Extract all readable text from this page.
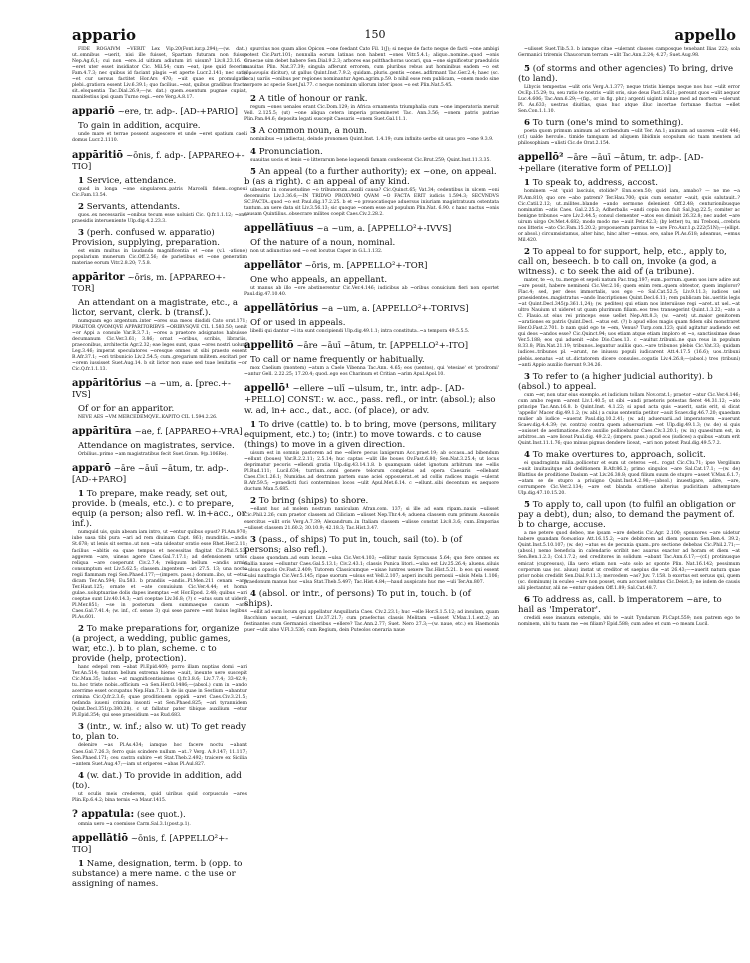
appario	150	appello
FIDE ROGAIVM ~VERIT Lex Vip.20(Font.iur.p.294);—(w. dat.) ut..omnibus ~uerit, nisi ille fuisset, Spartam futuram non fuisse Nep.Ag.6,1; cui non ~ere..id uitium adiutum iri uisum? Liv.8.23.16. c ~eret uter esset insidiator Cic. Mil.54; cum ~eat, ipse quid fecerim Fam.4.7.3; nec quibus id faciant plagis ~et aperte Lucr.2.141; nec satis ~et cur uersus factitet Hor.Ars 470; ~uit quae ex promulgatis plebi..gratiora essent Liv.6.39.1; quo facilius..~eat, quibus gradibus fracta sit..eloquentia Tac.Dial.26.9;—(w. dat.) quem..euentum pugnae cupiat, manifestius ipsi quam Turno regi..~ere Verg.A.8.17.
appariō ~ere, tr. adp-. [AD-+PARIO]
To gain in addition, acquire.
unde mare et terrae possent augescere et unde ~eret spatium caeli domus Lucr.2.1110.
appāritiō ~ōnis, f. adp-. [APPAREO+-TIO]
1 Service, attendance.
quod in longa ~one singularem..patris Marcelli fidem..cognoui Cic.Fam.13.54.
2 Servants, attendants.
quos..ex necessariis ~onibus tecum esse uoluisti Cic. Q.fr.1.1.12; ~one praesidis interueniente Ulp.dig.4.2.23.3.
3 (perh. confused w. apparatio) Provision, supplying, preparation.
est enim multus in laudanda magnificentia et ~one (v.l. -atione) popularium munerum Cic.Off.2.56; de parietibus et ~one generatim materiae eorum Vitr.2.8.20; 7.5.8.
appāritor ~ōris, m. [APPAREO+-TOR]
An attendant on a magistrate, etc., a lictor, servant, clerk. b (transf.).
numquam ego argentum..inter ~ores sua meos disdidi Cato orat.171; PRAETOR QVOMQVE APPARITORIBVS ~ORIBVSQVE CIL 1.583.50; uenit ~or Appi a consule Var.R.3.7.1; ~ores a praetore adsignatos habuisse decumanum Cic.Ver.3.61; 3.86; ornat ~oribus, scribis, librariis, praeconibus, architectis Agr.2.32; eae leges sunt, quas ~ores nostri uolunt Leg.3.46; imperat speculatores ~oresque omnes ut sibi praesto essent B.Afr.37.1; ~ori tribunicio Liv.2.54.5; cum..gregarium militem..excitari per ~orem iussisset Suet.Aug.14. b sit lictor non suae sed tuae lenitatis ~or Cic.Q.fr.1.1.13.
appāritōrius ~a ~um, a. [prec.+-IVS]
Of or for an apparitor.
NEVE AES ~VM MERCEDEMQVE..KAPITO CIL 1.594.2.26.
appāritūra ~ae, f. [APPAREO+-VRA]
Attendance on magistrates, service.
Orbilius..primo ~am magistratibus fecit Suet.Gram. 9(p.106Re).
apparō ~āre ~āuī ~ātum, tr. adp-. [AD-+PARO]
1 To prepare, make ready, set out, provide. b (meals, etc.). c to prepare, equip (a person; also refl. w. in+acc., or inf.).
numquid uis, quin abeam iam intro, ut ~entur quibus opust? Pl.Am.970; iube uasa tibi pura ~ari ad rem diuinam Capt. 861; munditiis..~andis St.678; ut lenis sit sermo..ut non ~ata uideatur oratio esse Rhet.Her.2.11; facilius ~abitis ea quae tempus et necessitas flagitat Cic.Phil.5.53; aggerem ~are, uineas agere Caes.Gal.7.17.1; ad defensionem urbis reliqua ~are coeperunt Civ.2.7.4; reliquum bellum ~andis armis consumptum est Liv.5.62.5; classem..ingentem ~ari 27.5. 13; una nocte regii flammam regi Sen.Phaed.177;—(impers. pass.) domum..ibo, ut ~etur dicam Ter.An.594; Eu.583. b prandiis ~andis..Pl.Men.211 cenam ~are Ter.Haut.125; ornate et ~ate conuiuium Cic.Ver.4.44; et homa gulae..uoluptuariae dolis dapes inemptas ~et Hor.Epod. 2.48; quibus ~ari coeptae sunt Liv.40.14.3; ~ari coeptae Liv.36.8; (?) c ~atus sum ut uiderit Pl.Mer.851; ~se in posterum diem summaeque casum ~are Caes.Gal.7.41.4; (w. inf., cf. sense 3) qui sese parere ~ent huius legibus Pl.As.601.
2 To make preparations for, organize (a project, a wedding, public games, war, etc.). b to plan, scheme. c to provide (help, protection).
hanc edepol rem ~abat Pl.Epid.409; porro illam nuptias domi ~ari Ter.An.514; tantum bellum extrema hieme ~auit, ineunte uere suscepit Cic.Man.35; ludos ~at magnificentissimos Q.fr.3.8.6; Liv.7.7.4; 33-42.9; tu..hoc triste nobis..officium ~a Sen.Her.O.1486;—(absol.) cum in ~ando acerrime esset occupatus Nep.Han.7.1. b de iis quae in Sestium ~abantur crimina Cic.Q.fr.2.3.6; quae proditionem oppidi ~aret Caes.Civ.3.21.5; nefanda iuueni crimina insonti ~at Sen.Phaed.825; ~ari tyrannidem Quint.Decl.351(p.380.28). c ut fallatur pater tibique auxilium ~etur Pl.Epid.354; qui sese praesidium ~as Rud.683.
3 (intr., w. inf.; also w. ut) To get ready to, plan to.
delenire ~as Pl.As.434; iamque hoc facere noctu ~abant Caes.Gal.7.26.3; ferro quis scindere nullum ~at..? Verg. A.9.147; 11.117; Sen.Phaed.171; ceu castra subire ~et Stat.Theb.2.492; traicere ex Sicilia ~antem Suet.Aug.47;—iam ut eriperes ~abas Pl.Aul.827.
4 (w. dat.) To provide in addition, add (to).
ut oculis meis crederem, quid uiribus quid corpusculo ~ares Plin.Ep.6.4.2; bina ternis ~a Maur.1415.
? appatula: (see quot.).
omnia uero ~a coemisse Carm.Sal.3.1(post.p.1).
appellātiō ~ōnis, f. [APPELLO²+-TIO]
1 Name, designation, term. b (opp. to substance) a mere name. c the use or assigning of names.
spurcius nos quam alios Opicon ~one foedant Cato Fil. 1(J); si neque de facto neque de facti ~one ambigi potest Cic.Part.101; nonnulla eorum latinas non habent ~ones Vitr.5.4.1; aliquo..nomine..quod ~onis Graecae uim debet habere Sen.Dial.9.2.3; arbores eas psitthachoras uocari, qua ~one significetur praedulcis suauitas Plin. Nat.37.39; singula afferunt errorem, cum pluribus rebus aut hominibus eadem ~o est (ὁμωνυμία dicitur), ut gallus Quint.Inst.7.9.2; quidam..pluris..gentis ~ones..adfirmant Tac.Ger.2.4; haec (sc. loca) uariis ~onibus per regiones nominantur Agen.agrim.p.59. b nihil esse rem publicam, ~onem modo sine corpore ac specie Suet.Jul.77. c neque nominum ullorum inter ipsos ~o est Plin.Nat.5.45.
2 A title of honour or rank.
regum ~ones uenales erant Cic.Dom.129; in Africa ornamenta triumphalia cum ~one imperatoria meruit Vell. 2.125.5; (ut) ~one aliqua cetera imperia praemineret Tac. Ann.3.56; ~onem patris patriae Plin.Pan.84.6; deposita legati suscepit Caesaris ~onem Suet.Gal.11.1.
3 A common noun, a noun.
nominibus ~o (adiecta), deinde pronomen Quint.Inst. 1.4.19; cum infinito uerbo sit usus pro ~one 9.3.9.
4 Pronunciation.
suauitas uocis et lenis ~o litterarum bene loquendi famam confecerat Cic.Brut.259; Quint.Inst.11.3.35.
5 An appeal (to a further authority); ex ~one, on appeal. b (as a right). c an appeal of any kind.
uibeatur in consuetudine ~o tribunorum..auxili causa? Cic.Quinct.65; Vat.34; cedentibus in ulcem ~oni decemuiris Liv.3.36.6;—IN TRIDVO PROXVMO QVAM ~O FACTA ERIT iudicis 1.594.3; SECVNDVS SC.FACTA..quod ~o est Paul.dig.17.2.25. b et ~o prouocatioque aduersus iniuriam magistratuum ostentata tantum..an uere data sit Liv.3.56.13; sic quoque ~onem esse ad populum Plin.Nat. 6.90. c hanc nactus ~onis causam Quintilius..obsecrare milites coepit Caes.Civ.2.28.2.
appellātīuus ~a ~um, a. [APPELLO²+-IVVS]
Of the nature of a noun, nominal.
non ut adiunctiuo sed ~o est locutus Caper in G.L.1.132.
appellātor ~ōris, m. [APPELLO²+-TOR]
One who appeals, an appellant.
ut manus ab illo ~ore abstinerentur Cic.Ver.4.146; iudicibus ab ~oribus conuicium fieri non oportet Paul.dig.47.10.40.
appellātōrius ~a ~um, a. [APPELLO²+-TORIVS]
Of or used in appeals.
libelli qui dantur ~i ita sunt concipiendi Ulp.dig.49.1.1; intra constituta..~a tempora 49.5.5.5.
appellitō ~āre ~āuī ~ātum, tr. [APPELLO²+-ITO]
To call or name frequently or habitually.
mox Caelium (montem) ~atum a Caele Vibenna Tac.Ann. 4.65; eos (uentos), qui 'etesiae' et 'prodromi' ~antur Gell. 2.22.25; 17.20.4; quod..ego eos Charinum et Critian ~arim Apul.Apol.10.
appellō¹ ~ellere ~ulī ~ulsum, tr., intr. adp-. [AD-+PELLO] CONST.: w. acc., pass. refl., or intr. (absol.); also w. ad, in+ acc., dat., acc. (of place), or adv.
1 To drive (cattle) to. b to bring, move (persons, military equipment, etc.) to; (intr.) to move towards. c to cause (things) to move in a given direction.
uisum est in somnis pastorem ad me ~ellere pecus lanigerum Acc.praet.19; ab occasu..ad bibendum ~ellunt (boues) Var.R.2.2.11; 2.5.14; huc captas ~ulit ille boues Ov.Fast.6.80; Sen.Nat.3.25.4; ut locus deprimatur pecoris ~ellendi gratia Ulp.dig.43.14.1.8. b quamquam uidet ignotum arbitrum me ~ellis Pl.Rud.111; Lucil.634; turrium..omni genere telorum completas ad opera Caesaris ~ellebant Caes.Civ.1.26.1; Numidas..ad dextram partem suae aciei opposuerat..et ad collis radices magis ~ulerat B.Afr.59.5; ~praedicti fuci conterminos locos ~ulit Apul.Met.6.14. c ~ellunt..sibi decentum ex aequore ductum Man.5.685.
2 To bring (ships) to shore.
~ellant huc ad molem nostram naniculam Afran.com. 137; si ille ad eam ripam..nauis ~ulisset Cic.Phil.2.26; cum praetor classem ad Ciliciam ~ulisset Nep.Thr.4.4; aduena classem cum primum Ausoniis exercitus ~ulit oris Verg.A.7.39; Alexandrum..in Italiam classem ~ulisse constat Liv.8.3.6; cum..Emporias ~ulisset classem 21.60.2; 30.10.9; 42.18.3; Tac.Hist.3.47.
3 (pass., of ships) To put in, touch, sail (to). b (of persons; also refl.).
classe quondam..ad eum locum ~ulsa Cic.Ver.4.103; ~ellitur nauis Syracusas 5.64; quo fere omnes ex Gallia naues ~elluntur Caes.Gal.5.13.1; Civ.2.43.1; classis Punica litori..~ulsa est Liv.25.26.4; aluens..siluis ~ulsus opacis Ov.Fast.2.409; Tutorem Classicumque ~uisae luntres uexere Tac.Hist.5.21. b eos qui essent ~ulsi naufragio Cic.Ver.5.145; ripae suorum ~ulsus est Vell.2.107; asperi inculti pernoxii ~ulsis Mela 1.106; praedonum manus huc ~ulsa Stat.Theb.5.497; Tac.Hist.4.84;—haud auspicato huc me ~uli Ter.An.807.
4 (absol. or intr., of persons) To put in, touch. b (of ships).
~ellit ad eum locum qui appellatur Anquillaria Caes. Civ.2.23.1; huc ~elle Hor.S.1.5.12; ad insulam, quam Bacchium uocant, ~ulerunt Liv.37.21.7; cum praefectus classis Melitam ~ulisset V.Max.1.1.ext.2; an festinantes cum Germanici cineribus ~ellere? Tac.Ann.2.77; Suet. Nero 27.3;—(w. naue, etc.) en Haemonia puer ~ulit alno V.Fl.3.536; cum Regium, dein Puteolos oneraria naue
~ulisset Suet.Tib.5.3. b iamque citae ~ulerant classes camposque tenebant Ilias 222; sola Germanici triremis Chaucorum terram ~ulit Tac.Ann.2.24; 4.27; Suet.Aug.98.
5 (of storms and other agencies) To bring, drive (to land).
Libycis tempestas ~ulit oris Verg.A.1.377; neque tristis hiemps neque nos huc ~ulit error Ov.Ep.15.29; tu, seu ratio te nostris ~ulit oris, siue deus Fast.3.621; pereunt quos ~ulit aequor Luc.4.606; Tac.Ann.6.29;—(fig., or in fig. phr.) argenti uiginti minae med ad mortem ~ulerunt Pl. As.633; uestras diuitias, quas huc atque illuc incertae fortunae fluctus ~ellet Sen.Con.1.1.10.
6 To turn (one's mind to something).
poeta quom primum animum ad scribendum ~ulit Ter. An.1; animum ad uxorem ~ulit 446; (cf.) ualde hercule.. timide tamquam ad aliquem libidinis scopulum sic tuam mentem ad philosophiam ~ulisti Cic.de Orat.2.154.
appellō² ~āre ~āuī ~ātum, tr. adp-. [AD-+pellare (iterative form of PELLO)]
1 To speak to, address, accost.
hominem ~at 'quid lasciuis, stolide?' Enn.scen.50; quid iam, amabo? — ne me ~a Pl.Am.810; quo ore ~abo patrem? Ter.Hau.700; quis cum senator ~auit, quis salutauit..? Cic.Catil.2.12; ut..milites..blande ~ando sermone delenient Off.2.48; centurionibusque nominatim ~atis Caes. Gal.2.25.2; Adherbalis ~andi copia non fuit Sal.Jug.22.5; comiter ac benigne tribunos ~are Liv.2.44.5; consul clementer ~atos eos dimisit 26.32.8; nec audet ~are uirum uirgo Ov.Met.4.682; modo modo me ~auit Petr.42.3; (by letter) tu, mi Treboni,..crebris nos litteris ~ato Cic.Fam.15.20.2; proposueram parcius te ~are Fro.Aur.1.p.222(51N);—(ellipt. or absol.) circumsistamus, alter hinc, hinc alter ~emus. ere, salue Pl.As.618; adeamus, ~emus Mil.420.
2 To appeal to for support, help, etc., apply to, call on, beseech. b to call on, invoke (a god, a witness). c to seek the aid of (a tribune).
mater, te ~o, tu..merge et sepeli natum Pac.trag.197; eum..porrum..quem uos iure adire aut ~are possit, habere nemineni Cic.Ver.2.16; quem enim rem..quem obtestor, quem imploror? Flac.4; sed, per deos immortalis, uos ego ~o Sal.Cat.52.5; Liv.9.11.3; iudices uel praesidentes..magistratus ~ando Inscriptiones Quint.Decl.6.11; rem publicam bis..ueritis legis ~at Quint.Decl.345(p.361.1,24); (w. pedites) qui etiam nos interuiisse regi ~aret..ut uel..~at ultro Nauium ut uideret ut quam plurimum filiam..eos tres transegerint Quint.1.3.22; ~ato a C. Flauio..ut eius rei princeps esse uellet Nep.Att.8.3; (w. ~aret) ut..maior genitorem ~arationes ex patris Quint.Decl. ~atus est. (?) b apud ellos magis quam fidem sibi monstraret Her.O.Fast.2.701. b nam quid ego te ~em, Venus? Turp.com.123; quid agitatur audiendo est qui deos ~andos esse? Cic.Quinct.94; uos etiam atque etiam imploro et ~o, sanctissimae deae Ver.5.188; eos qui aduenit ~abo Dio.Caes.13. c ~auitur..tribuni..ne qua reus in populum 8.33.8; Plin.Nat.21.19; tribunos..legantur auiliis quo..~are tribunos plebis Cic.Vat.33; quidam iudices..tribunos pl. ~arunt, ne iniussu populi iudicarent Att.4.17.5 (16.6); uos..tribuni plebis..senatus ~at ut..dictatorem dicere consules..cogatis Liv.4.26.8;—(absol.) tres (tribuni) ~anti Appio auxilio fuerunt 9.34.26.
3 To refer to (a higher judicial authority). b (absol.) to appeal.
cum ~er, non utar eius exemplo..et iudicium tollam Nov.orat.1; praetor ~atur Cic.Ver.4.146; cum ambo regem ~arent Liv.1.40.5; ut sibi ~andi praetoris potestas fieret 44.31.12; ~ato principe Tac.Ann.16.8. b Quint.Inst. 4.1.22; si apud acta quis ~auerit, satis erit, si dicat 'appello' Macer dig.49.1.2; (w. abl.) a cuius sententia petitor ~auit Scaev.dig.46.7.20; quaedam mulier ab iudice ~auerat Paul.dig.10.2.41; (w. ad) aduersarii..ad imperatorem ~auerunt Scaev.dig.4.4.39; (w. contra) contra quem aduersarium ~et Ulp.dig.49.1.3; (w. de) si quis ~auisset de aestimatione..fore auxilio pollicebatur Caes.Civ.3.20.1; (w. in) quaesitum est, in arbitros..an ~are liceat Paul.dig. 49.2.2; (impers. pass.) apud eos (iudices) a quibus ~atum erit Quint.Inst.11.1.76; quo minus pignus dendere liceat, ~ari non potest Paul.dig.49.5.7.2.
4 To make overtures to, approach, solicit.
ei quadraginta milia..pollicetur et eum ut ceteros ~et.. rogat Cic.Clu.71; ipse Vergilium ~auit inuitauitque ad deditionem B.Afr.86.2; primo singulos ~are Sal.Cat.17.1; —(w. de) Blattius de proditione Dasium ~at Liv.26.38.8; quod filium suum de stupro ~asset V.Max.6.1.7; ~atam se de stupro a priuigno Quint.Inst.4.2.98;—(absol.) inuestigare, adire, ~are, corrumpere Cic.Ver.2.134; ~are est blanda oratione alterius pudicitiam adtemptare Ulp.dig.47.10.15.20.
5 To apply to, call upon (to fulfil an obligation or pay a debt), dun; also, to demand the payment of. b to charge, accuse.
a me petere quod debeo, me ipsam ~are debetis Cic.Agr. 2.100; sponsores ~are uidetur habere quandam δυσωπίαν Att.16.15.2; ~are debitorem ad diem possum Sen.Ben.4. 39.2; Quint.Inst.5.10.107; (w. de) ~atus es de pecunia quam..pro sectione debebas Cic.Phil.2.71;—(absol.) nemo beneficia in calendario scribit nec auarus exactor ad horam et diem ~at Sen.Ben.1.2.3; Col.1.7.2; sed creditores in solidum ~abant Tac.Ann.6.17;—(cf.) protinusque emicat (cupressus), illa uero etiam non ~ato solo ac sponte Plin. Nat.16.142; pessimum corporum uas (sc. aluus) instat ut creditor et saepius die ~at 26.43;—~auerit natura quae prior nobis credidit Sen.Dial.9.11.3; mercedem ~as? Juv. 7.158. b exortus est seruus qui, quem (sc. dominum) in eculeo ~are non posset, eum accuset solutus Cic.Deiot.3; ne isdem de causis alii plectantur, alii ne ~entur quidem Off.1.89; Sal.Cat.48.7.
6 To address as, call. b imperatorem ~are, to hail as 'Imperator'.
credidi esse insanum extemplo, ubi te ~auit Tyndarum Pl.Capt.559; non patrem ego te nominem, ubi tu tuam me ~es filiam? Epid.588; cum adeo et cum ~o meam Lucil.
